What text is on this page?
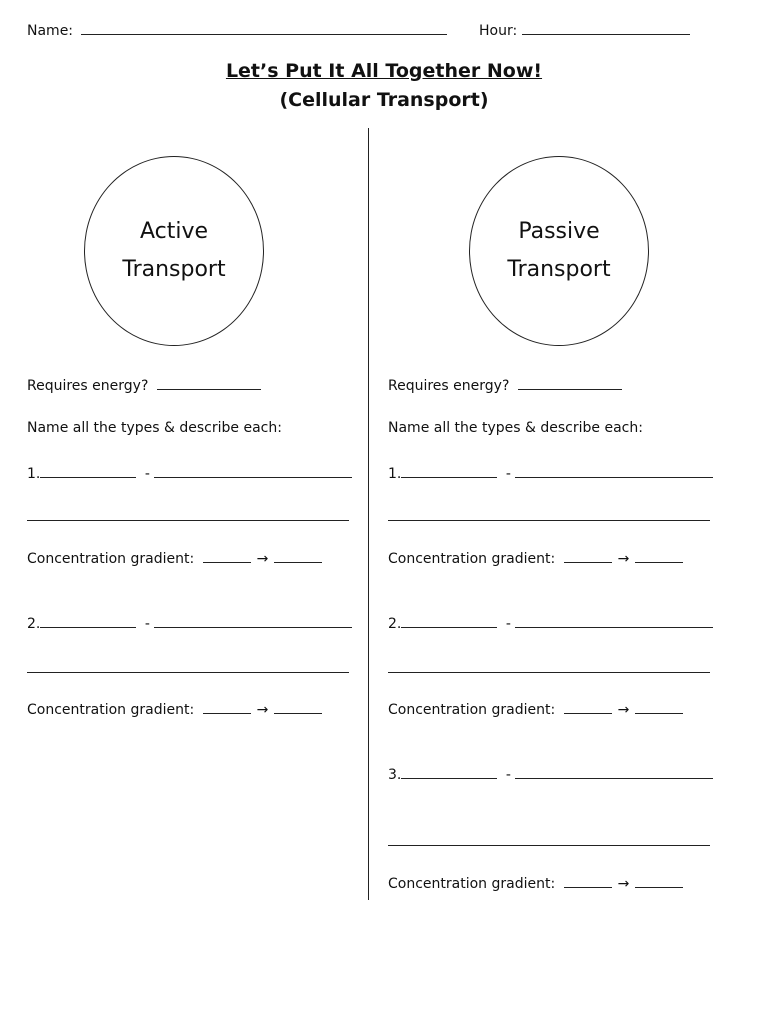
Name:	Hour:
Let’s Put It All Together Now!
(Cellular Transport)
Active
Transport
Requires energy?
Name all the types & describe each:
1.	-
Concentration gradient:	→
2.	-
Concentration gradient:	→
Passive
Transport
Requires energy?
Name all the types & describe each:
1.	-
Concentration gradient:	→
2.	-
Concentration gradient:	→
3.	-
Concentration gradient:	→
